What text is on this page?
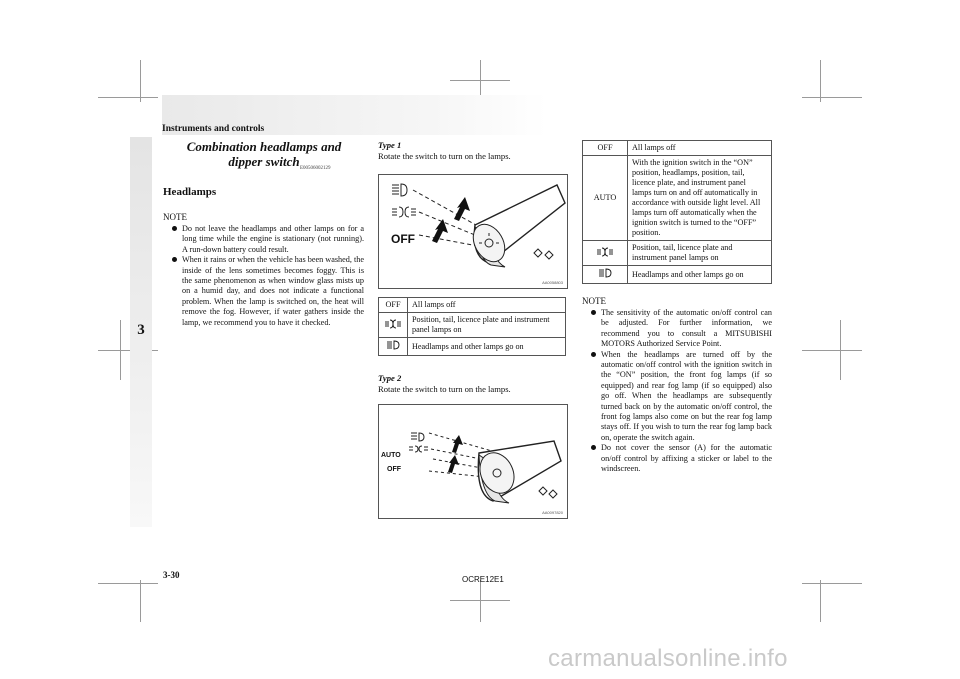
Instruments and controls
3
Combination headlamps and
dipper switch E00506002129
Headlamps
NOTE
Do not leave the headlamps and other lamps on for a long time while the engine is stationary (not running). A run-down battery could result.
When it rains or when the vehicle has been washed, the inside of the lens sometimes becomes foggy. This is the same phenomenon as when window glass mists up on a humid day, and does not indicate a functional problem. When the lamp is switched on, the heat will remove the fog. However, if water gathers inside the lamp, we recommend you to have it checked.
Type 1
Rotate the switch to turn on the lamps.
OFF
AA0058803
OFF	All lamps off
	Position, tail, licence plate and instrument panel lamps on
	Headlamps and other lamps go on
Type 2
Rotate the switch to turn on the lamps.
AUTO
OFF
AA0097820
OFF	All lamps off
AUTO	With the ignition switch in the “ON” position, headlamps, position, tail, licence plate, and instrument panel lamps turn on and off automatically in accordance with outside light level. All lamps turn off automatically when the ignition switch is turned to the “OFF” position.
	Position, tail, licence plate and instrument panel lamps on
	Headlamps and other lamps go on
NOTE
The sensitivity of the automatic on/off control can be adjusted. For further information, we recommend you to consult a MITSUBISHI MOTORS Authorized Service Point.
When the headlamps are turned off by the automatic on/off control with the ignition switch in the “ON” position, the front fog lamps (if so equipped) and rear fog lamp (if so equipped) also go off. When the headlamps are subsequently turned back on by the automatic on/off control, the front fog lamps also come on but the rear fog lamp stays off. If you wish to turn the rear fog lamp back on, operate the switch again.
Do not cover the sensor (A) for the automatic on/off control by affixing a sticker or label to the windscreen.
3-30	OCRE12E1
carmanualsonline.info
